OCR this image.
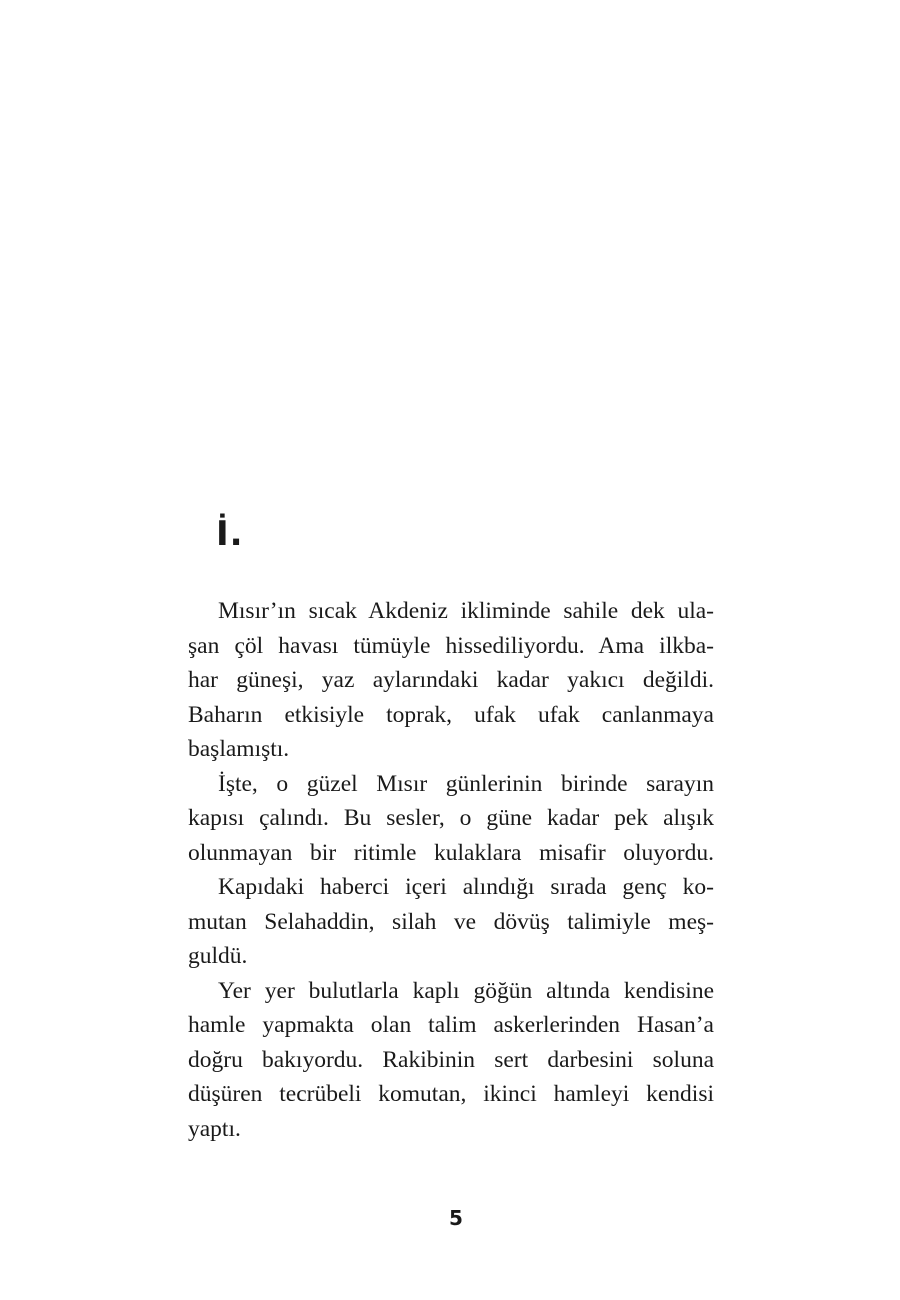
İ.
Mısır’ın sıcak Akdeniz ikliminde sahile dek ula-
şan çöl havası tümüyle hissediliyordu. Ama ilkba-
har güneşi, yaz aylarındaki kadar yakıcı değildi.
Baharın etkisiyle toprak, ufak ufak canlanmaya
başlamıştı.
İşte, o güzel Mısır günlerinin birinde sarayın
kapısı çalındı. Bu sesler, o güne kadar pek alışık
olunmayan bir ritimle kulaklara misafir oluyordu.
Kapıdaki haberci içeri alındığı sırada genç ko-
mutan Selahaddin, silah ve dövüş talimiyle meş-
guldü.
Yer yer bulutlarla kaplı göğün altında kendisine
hamle yapmakta olan talim askerlerinden Hasan’a
doğru bakıyordu. Rakibinin sert darbesini soluna
düşüren tecrübeli komutan, ikinci hamleyi kendisi
yaptı.
5
